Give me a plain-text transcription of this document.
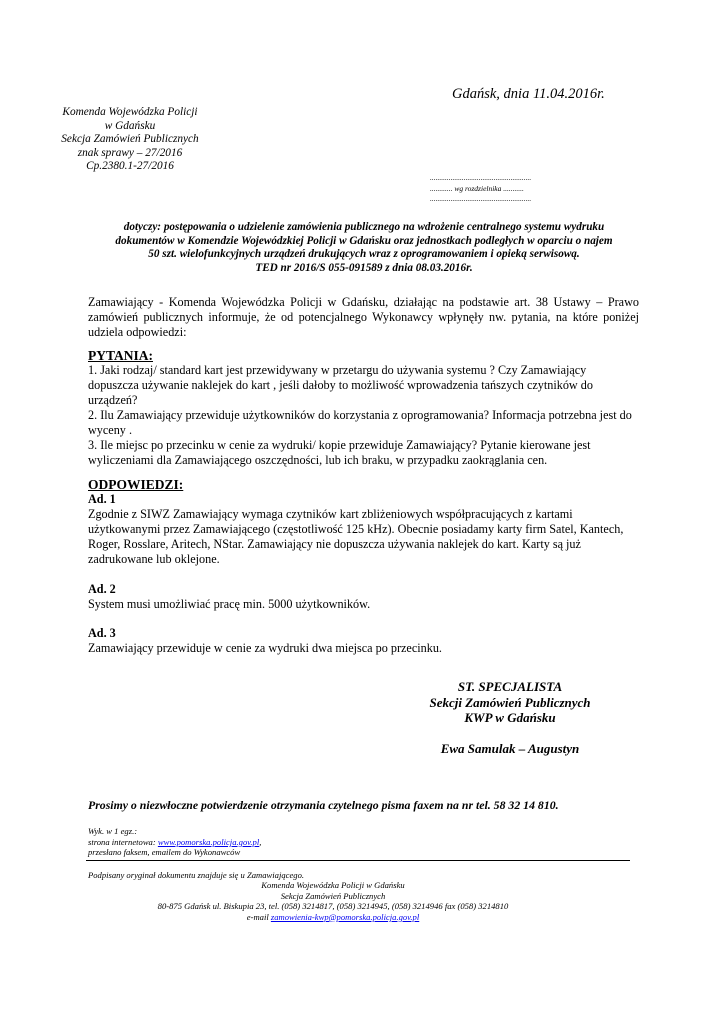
Gdańsk, dnia 11.04.2016r.
Komenda Wojewódzka Policji
w Gdańsku
Sekcja Zamówień Publicznych
znak sprawy – 27/2016
Cp.2380.1-27/2016
......................................................
............ wg rozdzielnika ...........
......................................................
dotyczy: postępowania o udzielenie zamówienia publicznego na wdrożenie centralnego systemu wydruku
dokumentów w Komendzie Wojewódzkiej Policji w Gdańsku oraz jednostkach podległych w oparciu o najem
50 szt. wielofunkcyjnych urządzeń drukujących wraz z oprogramowaniem i opieką serwisową.
TED nr 2016/S 055-091589 z dnia 08.03.2016r.
Zamawiający - Komenda Wojewódzka Policji w Gdańsku, działając na podstawie art. 38 Ustawy – Prawo zamówień publicznych informuje, że od potencjalnego Wykonawcy wpłynęły nw. pytania, na które poniżej udziela odpowiedzi:
PYTANIA:
1. Jaki rodzaj/ standard kart jest przewidywany w przetargu do używania systemu ? Czy Zamawiający dopuszcza używanie naklejek do kart , jeśli dałoby to możliwość wprowadzenia tańszych czytników do urządzeń?
2. Ilu Zamawiający przewiduje użytkowników do korzystania z oprogramowania? Informacja potrzebna jest do wyceny .
3. Ile miejsc po przecinku w cenie za wydruki/ kopie przewiduje Zamawiający? Pytanie kierowane jest wyliczeniami dla Zamawiającego oszczędności, lub ich braku, w przypadku zaokrąglania cen.
ODPOWIEDZI:
Ad. 1
Zgodnie z SIWZ Zamawiający wymaga czytników kart zbliżeniowych współpracujących z kartami użytkowanymi przez Zamawiającego (częstotliwość 125 kHz). Obecnie posiadamy karty firm Satel, Kantech, Roger, Rosslare, Aritech, NStar. Zamawiający nie dopuszcza używania naklejek do kart. Karty są już zadrukowane lub oklejone.
Ad. 2
System musi umożliwiać pracę min. 5000 użytkowników.
Ad. 3
Zamawiający przewiduje w cenie za wydruki dwa miejsca po przecinku.
ST. SPECJALISTA
Sekcji Zamówień Publicznych
KWP w Gdańsku
Ewa Samulak – Augustyn
Prosimy o niezwłoczne potwierdzenie otrzymania czytelnego pisma faxem na nr tel. 58 32 14 810.
Wyk. w 1 egz.:
strona internetowa: www.pomorska.policja.gov.pl,
przesłano faksem, emailem do Wykonawców
Podpisany oryginał dokumentu znajduje się u Zamawiającego.
Komenda Wojewódzka Policji w Gdańsku
Sekcja Zamówień Publicznych
80-875 Gdańsk ul. Biskupia 23, tel. (058) 3214817, (058) 3214945, (058) 3214946 fax (058) 3214810
e-mail zamowienia-kwp@pomorska.policja.gov.pl
